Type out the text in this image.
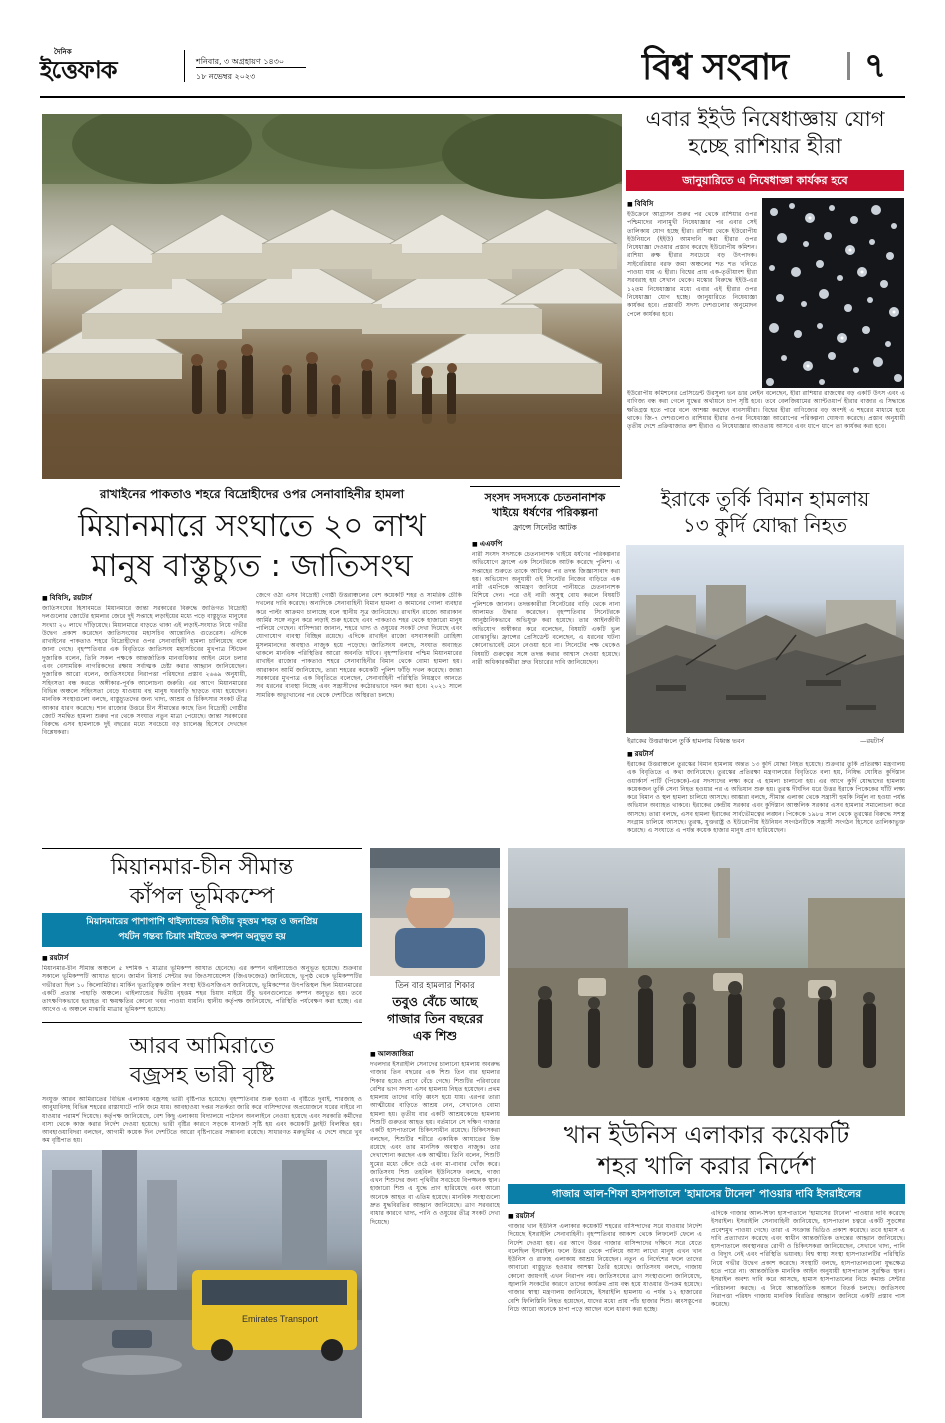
দৈনিক
ইত্তেফাক	শনিবার, ৩ অগ্রহায়ণ ১৪৩০
১৮ নভেম্বর ২০২৩	বিশ্ব সংবাদ ৭
এবার ইইউ নিষেধাজ্ঞায় যোগ
হচ্ছে রাশিয়ার হীরা
জানুয়ারিতে এ নিষেধাজ্ঞা কার্যকর হবে
■ বিবিসি
ইউক্রেনে আগ্রাসন শুরুর পর থেকে রাশিয়ার ওপর পশ্চিমাদের নানামুখী নিষেধাজ্ঞার পর এবার সেই তালিকায় যোগ হচ্ছে হীরা। রাশিয়া থেকে ইউরোপীয় ইউনিয়নে (ইইউ) আমদানি করা হীরার ওপর নিষেধাজ্ঞা দেওয়ার প্রস্তাব করেছে ইউরোপীয় কমিশন। রাশিয়া রুক্ষ হীরার সবচেয়ে বড় উৎপাদক। সাইবেরিয়ার বরফ জমা অঞ্চলের শত শত খনিতে পাওয়া যায় এ হীরা। বিশ্বের প্রায় এক-তৃতীয়াংশ হীরা সরবরাহ হয় সেখান থেকে। মস্কোর বিরুদ্ধে ইইউ-এর ১২তম নিষেধাজ্ঞার মধ্যে এবার এই হীরার ওপর নিষেধাজ্ঞা যোগ হচ্ছে। জানুয়ারিতে নিষেধাজ্ঞা কার্যকর হবে। প্রস্তাবটি সদস্য দেশগুলোর অনুমোদন পেলে কার্যকর হবে।
ইউরোপীয় কমিশনের প্রেসিডেন্ট উরসুলা ভন ডার লেইন বলেছেন, হীরা রাশিয়ার রাজস্বের বড় একটি উৎস এবং এ বাণিজ্য বন্ধ করা গেলে যুদ্ধের অর্থায়নে চাপ সৃষ্টি হবে। তবে বেলজিয়ামের অ্যান্টওয়ার্প হীরার বাজার এ সিদ্ধান্তে ক্ষতিগ্রস্ত হতে পারে বলে আশঙ্কা করছেন ব্যবসায়ীরা। বিশ্বের হীরা বাণিজ্যের বড় অংশই এ শহরের মাধ্যমে হয়ে থাকে। জি-৭ দেশগুলোও রাশিয়ার হীরার ওপর নিষেধাজ্ঞা আরোপের পরিকল্পনা ঘোষণা করেছে। প্রস্তাব অনুযায়ী তৃতীয় দেশে প্রক্রিয়াজাত রুশ হীরাও এ নিষেধাজ্ঞার আওতায় আসবে এবং ধাপে ধাপে তা কার্যকর করা হবে।
রাখাইনের পাকতাও শহরে বিদ্রোহীদের ওপর সেনাবাহিনীর হামলা
মিয়ানমারে সংঘাতে ২০ লাখ
মানুষ বাস্তুচ্যুত : জাতিসংঘ
■ বিবিসি, রয়টার্স
জাতিসংঘের হিসাবমতে মিয়ানমারে জান্তা সরকারের বিরুদ্ধে জাতিগত বিদ্রোহী দলগুলোর জোটের হামলার জেরে দুই সপ্তাহে লড়াইয়ের মধ্যে পড়ে বাস্তুচ্যুত মানুষের সংখ্যা ২০ লাখে দাঁড়িয়েছে। মিয়ানমারে বাড়তে থাকা এই লড়াই-সংঘাত নিয়ে গভীর উদ্বেগ প্রকাশ করেছেন জাতিসংঘের মহাসচিব আন্তোনিও গুতেরেস। এদিকে রাখাইনের পাকতাও শহরে বিদ্রোহীদের ওপর সেনাবাহিনী হামলা চালিয়েছে বলে জানা গেছে। বৃহস্পতিবার এক বিবৃতিতে জাতিসংঘ মহাসচিবের মুখপাত্র স্টিফেন দুজারিক বলেন, তিনি সকল পক্ষকে আন্তর্জাতিক মানবাধিকার আইন মেনে চলার এবং বেসামরিক নাগরিকদের রক্ষায় সর্বাত্মক চেষ্টা করার আহ্বান জানিয়েছেন। দুজারিক আরো বলেন, জাতিসংঘের নিরাপত্তা পরিষদের প্রস্তাব ২৬৬৯ অনুযায়ী, সহিংসতা বন্ধ করতে অঙ্গীকার-পূর্বক আলোচনা জরুরি। এর আগে মিয়ানমারের বিভিন্ন অঞ্চলে সহিংসতা বেড়ে যাওয়ায় বহু মানুষ ঘরবাড়ি ছাড়তে বাধ্য হয়েছেন। মানবিক সংস্থাগুলো বলছে, বাস্তুচ্যুতদের জন্য খাদ্য, আশ্রয় ও চিকিৎসার সংকট তীব্র আকার ধারণ করেছে। শান রাজ্যের উত্তরে চীন সীমান্তের কাছে তিন বিদ্রোহী গোষ্ঠীর জোট সমন্বিত হামলা শুরুর পর থেকে সংঘাত নতুন মাত্রা পেয়েছে। জান্তা সরকারের বিরুদ্ধে এসব হামলাকে দুই বছরের মধ্যে সবচেয়ে বড় চ্যালেঞ্জ হিসেবে দেখছেন বিশ্লেষকরা।
জেগে ওঠা এসব বিদ্রোহী গোষ্ঠী উত্তরাঞ্চলের বেশ কয়েকটি শহর ও সামরিক চৌকি দখলের দাবি করেছে। অন্যদিকে সেনাবাহিনী বিমান হামলা ও কামানের গোলা ব্যবহার করে পাল্টা আক্রমণ চালাচ্ছে বলে স্থানীয় সূত্র জানিয়েছে। রাখাইন রাজ্যে আরাকান আর্মির সঙ্গে নতুন করে লড়াই শুরু হয়েছে এবং পাকতাও শহর থেকে হাজারো মানুষ পালিয়ে গেছেন। বাসিন্দারা জানান, শহরে খাদ্য ও ওষুধের সংকট দেখা দিয়েছে এবং যোগাযোগ ব্যবস্থা বিচ্ছিন্ন রয়েছে। এদিকে রাখাইন রাজ্যে বসবাসকারী রোহিঙ্গা মুসলমানদের অবস্থাও নাজুক হয়ে পড়েছে। জাতিসংঘ বলছে, সংঘাত অব্যাহত থাকলে মানবিক পরিস্থিতির আরো অবনতি ঘটবে। বৃহস্পতিবার পশ্চিম মিয়ানমারের রাখাইন রাজ্যের পাকতাও শহরে সেনাবাহিনীর বিমান থেকে বোমা হামলা হয়। আরাকান আর্মি জানিয়েছে, তারা শহরের কয়েকটি পুলিশ ফাঁড়ি দখল করেছে। জান্তা সরকারের মুখপাত্র এক বিবৃতিতে বলেছেন, সেনাবাহিনী পরিস্থিতি নিয়ন্ত্রণে আনতে সব ধরনের ব্যবস্থা নিচ্ছে এবং সন্ত্রাসীদের কঠোরভাবে দমন করা হবে। ২০২১ সালে সামরিক অভ্যুত্থানের পর থেকে দেশটিতে অস্থিরতা চলছে।
সংসদ সদস্যকে চেতনানাশক
খাইয়ে ধর্ষণের পরিকল্পনা
ফ্রান্সে সিনেটর আটক
■ এএফপি
নারী সংসদ সদস্যকে চেতনানাশক খাইয়ে ধর্ষণের পরিকল্পনার অভিযোগে ফ্রান্সে এক সিনেটরকে আটক করেছে পুলিশ। এ সপ্তাহের শুরুতে তাকে আটকের পর তদন্ত জিজ্ঞাসাবাদ করা হয়। অভিযোগ অনুযায়ী ওই সিনেটর নিজের বাড়িতে এক নারী এমপিকে আমন্ত্রণ জানিয়ে পানীয়তে চেতনানাশক মিশিয়ে দেন। পরে ওই নারী অসুস্থ বোধ করলে বিষয়টি পুলিশকে জানান। তদন্তকারীরা সিনেটরের বাড়ি থেকে নানা আলামত উদ্ধার করেছেন। বৃহস্পতিবার সিনেটরকে আনুষ্ঠানিকভাবে অভিযুক্ত করা হয়েছে। তার আইনজীবী অভিযোগ অস্বীকার করে বলেছেন, বিষয়টি একটি ভুল বোঝাবুঝি। ফ্রান্সের প্রেসিডেন্ট বলেছেন, এ ধরনের ঘটনা কোনোভাবেই মেনে নেওয়া হবে না। সিনেটের পক্ষ থেকেও বিষয়টি গুরুত্বের সঙ্গে তদন্ত করার আশ্বাস দেওয়া হয়েছে। নারী অধিকারকর্মীরা দ্রুত বিচারের দাবি জানিয়েছেন।
ইরাকে তুর্কি বিমান হামলায়
১৩ কুর্দি যোদ্ধা নিহত
ইরাকের উত্তরাঞ্চলে তুর্কি হামলায় বিধ্বস্ত ভবন	—রয়টার্স
■ রয়টার্স
ইরাকের উত্তরাঞ্চলে তুরস্কের বিমান হামলায় অন্তত ১৩ কুর্দি যোদ্ধা নিহত হয়েছে। শুক্রবার তুর্কি প্রতিরক্ষা মন্ত্রণালয় এক বিবৃতিতে এ কথা জানিয়েছে। তুরস্কের প্রতিরক্ষা মন্ত্রণালয়ের বিবৃতিতে বলা হয়, নিষিদ্ধ ঘোষিত কুর্দিস্তান ওয়ার্কার্স পার্টি (পিকেকে)-এর সদস্যদের লক্ষ্য করে এ হামলা চালানো হয়। এর আগে কুর্দি যোদ্ধাদের হামলায় কয়েকজন তুর্কি সেনা নিহত হওয়ার পর এ অভিযান শুরু হয়। তুরস্ক দীর্ঘদিন ধরে উত্তর ইরাকে পিকেকের ঘাঁটি লক্ষ্য করে বিমান ও স্থল হামলা চালিয়ে আসছে। আঙ্কারা বলছে, সীমান্ত এলাকা থেকে সন্ত্রাসী হুমকি নির্মূল না হওয়া পর্যন্ত অভিযান অব্যাহত থাকবে। ইরাকের কেন্দ্রীয় সরকার এবং কুর্দিস্তান আঞ্চলিক সরকার এসব হামলার সমালোচনা করে আসছে। তারা বলছে, এসব হামলা ইরাকের সার্বভৌমত্বের লঙ্ঘন। পিকেকে ১৯৮৪ সাল থেকে তুরস্কের বিরুদ্ধে সশস্ত্র সংগ্রাম চালিয়ে আসছে। তুরস্ক, যুক্তরাষ্ট্র ও ইউরোপীয় ইউনিয়ন সংগঠনটিকে সন্ত্রাসী সংগঠন হিসেবে তালিকাভুক্ত করেছে। এ সংঘাতে এ পর্যন্ত কয়েক হাজার মানুষ প্রাণ হারিয়েছেন।
মিয়ানমার-চীন সীমান্ত
কাঁপল ভূমিকম্পে
মিয়ানমারের পাশাপাশি থাইল্যান্ডের দ্বিতীয় বৃহত্তম শহর ও জনপ্রিয়
পর্যটন গন্তব্য চিয়াং মাইতেও কম্পন অনুভূত হয়
■ রয়টার্স
মিয়ানমার-চীন সীমান্ত অঞ্চলে ৫ দশমিক ৭ মাত্রার ভূমিকম্প আঘাত হেনেছে। এর কম্পন থাইল্যান্ডেও অনুভূত হয়েছে। শুক্রবার সকালে ভূমিকম্পটি আঘাত হানে। জার্মান রিসার্চ সেন্টার ফর জিওসায়েন্সেস (জিএফজেড) জানিয়েছে, ভূপৃষ্ঠ থেকে ভূমিকম্পটির গভীরতা ছিল ১০ কিলোমিটার। মার্কিন ভূতাত্ত্বিক জরিপ সংস্থা ইউএসজিএস জানিয়েছে, ভূমিকম্পের উৎপত্তিস্থল ছিল মিয়ানমারের একটি প্রত্যন্ত পাহাড়ি অঞ্চলে। থাইল্যান্ডের দ্বিতীয় বৃহত্তম শহর চিয়াং মাইয়ে উঁচু ভবনগুলোতে কম্পন অনুভূত হয়। তবে তাৎক্ষণিকভাবে হতাহত বা ক্ষয়ক্ষতির কোনো খবর পাওয়া যায়নি। স্থানীয় কর্তৃপক্ষ জানিয়েছে, পরিস্থিতি পর্যবেক্ষণ করা হচ্ছে। এর আগেও এ অঞ্চলে মাঝারি মাত্রার ভূমিকম্প হয়েছে।
তিন বার হামলার শিকার
তবুও বেঁচে আছে
গাজার তিন বছরের
এক শিশু
■ আলজাজিরা
দখলদার ইসরাইলি সেনাদের চালানো হামলায় অবরুদ্ধ গাজার তিন বছরের এক শিশু তিন বার হামলার শিকার হয়েও প্রাণে বেঁচে গেছে। শিশুটির পরিবারের বেশির ভাগ সদস্য এসব হামলায় নিহত হয়েছেন। প্রথম হামলায় তাদের বাড়ি ধ্বংস হয়ে যায়। এরপর তারা আত্মীয়ের বাড়িতে আশ্রয় নেন, সেখানেও বোমা হামলা হয়। তৃতীয় বার একটি আশ্রয়কেন্দ্রে হামলায় শিশুটি গুরুতর আহত হয়। বর্তমানে সে দক্ষিণ গাজার একটি হাসপাতালে চিকিৎসাধীন রয়েছে। চিকিৎসকরা বলছেন, শিশুটির শরীরে একাধিক আঘাতের চিহ্ন রয়েছে এবং তার মানসিক অবস্থাও নাজুক। তার দেখাশোনা করছেন এক আত্মীয়। তিনি বলেন, শিশুটি ঘুমের মধ্যে কেঁদে ওঠে এবং মা-বাবার খোঁজ করে। জাতিসংঘ শিশু তহবিল ইউনিসেফ বলছে, গাজা এখন শিশুদের জন্য পৃথিবীর সবচেয়ে বিপজ্জনক স্থান। হাজারো শিশু এ যুদ্ধে প্রাণ হারিয়েছে এবং আরো অনেকে আহত বা এতিম হয়েছে। মানবিক সংস্থাগুলো দ্রুত যুদ্ধবিরতির আহ্বান জানিয়েছে। ত্রাণ সরবরাহে বাধার কারণে খাদ্য, পানি ও ওষুধের তীব্র সংকট দেখা দিয়েছে।
আরব আমিরাতে
বজ্রসহ ভারী বৃষ্টি
সংযুক্ত আরব আমিরাতের বিভিন্ন এলাকায় বজ্রসহ ভারী বৃষ্টিপাত হয়েছে। বৃহস্পতিবার শুরু হওয়া এ বৃষ্টিতে দুবাই, শারজাহ ও আবুধাবিসহ বিভিন্ন শহরের রাস্তাঘাটে পানি জমে যায়। আবহাওয়া দপ্তর সতর্কতা জারি করে বাসিন্দাদের অপ্রয়োজনে ঘরের বাইরে না যাওয়ার পরামর্শ দিয়েছে। কর্তৃপক্ষ জানিয়েছে, বেশ কিছু এলাকায় বিদ্যালয়ে পাঠদান অনলাইনে নেওয়া হয়েছে এবং সরকারি কর্মীদের বাসা থেকে কাজ করার নির্দেশ দেওয়া হয়েছে। ভারী বৃষ্টির কারণে সড়কে যানজট সৃষ্টি হয় এবং কয়েকটি ফ্লাইট বিলম্বিত হয়। আবহাওয়াবিদরা বলছেন, আগামী কয়েক দিন দেশটিতে আরো বৃষ্টিপাতের সম্ভাবনা রয়েছে। সাধারণত মরুভূমির এ দেশে বছরে খুব কম বৃষ্টিপাত হয়।
Emirates Transport
খান ইউনিস এলাকার কয়েকটি
শহর খালি করার নির্দেশ
গাজার আল-শিফা হাসপাতালে 'হামাসের টানেল' পাওয়ার দাবি ইসরাইলের
■ রয়টার্স
গাজার খান ইউনিস এলাকার কয়েকটি শহরের বাসিন্দাদের সরে যাওয়ার নির্দেশ দিয়েছে ইসরাইলি সেনাবাহিনী। বৃহস্পতিবার আকাশ থেকে লিফলেট ফেলে এ নির্দেশ দেওয়া হয়। এর আগে উত্তর গাজার বাসিন্দাদের দক্ষিণে সরে যেতে বলেছিল ইসরাইল। ফলে উত্তর থেকে পালিয়ে আসা লাখো মানুষ এখন খান ইউনিস ও রাফাহ এলাকায় আশ্রয় নিয়েছেন। নতুন এ নির্দেশের ফলে তাদের আবারো বাস্তুচ্যুত হওয়ার আশঙ্কা তৈরি হয়েছে। জাতিসংঘ বলছে, গাজায় কোনো জায়গাই এখন নিরাপদ নয়। জাতিসংঘের ত্রাণ সংস্থাগুলো জানিয়েছে, জ্বালানি সংকটের কারণে তাদের কার্যক্রম প্রায় বন্ধ হয়ে যাওয়ার উপক্রম হয়েছে। গাজার স্বাস্থ্য মন্ত্রণালয় জানিয়েছে, ইসরাইলি হামলায় এ পর্যন্ত ১২ হাজারের বেশি ফিলিস্তিনি নিহত হয়েছেন, যাদের মধ্যে প্রায় পাঁচ হাজার শিশু। ধ্বংসস্তূপের নিচে আরো অনেকে চাপা পড়ে আছেন বলে ধারণা করা হচ্ছে।
এদিকে গাজার আল-শিফা হাসপাতালে 'হামাসের টানেল' পাওয়ার দাবি করেছে ইসরাইল। ইসরাইলি সেনাবাহিনী জানিয়েছে, হাসপাতাল চত্বরে একটি সুড়ঙ্গের প্রবেশমুখ পাওয়া গেছে। তারা এ সংক্রান্ত ভিডিও প্রকাশ করেছে। তবে হামাস এ দাবি প্রত্যাখ্যান করেছে এবং স্বাধীন আন্তর্জাতিক তদন্তের আহ্বান জানিয়েছে। হাসপাতালে অবস্থানরত রোগী ও চিকিৎসকরা জানিয়েছেন, সেখানে খাদ্য, পানি ও বিদ্যুৎ নেই এবং পরিস্থিতি ভয়াবহ। বিশ্ব স্বাস্থ্য সংস্থা হাসপাতালটির পরিস্থিতি নিয়ে গভীর উদ্বেগ প্রকাশ করেছে। সংস্থাটি বলছে, হাসপাতালগুলো যুদ্ধক্ষেত্র হতে পারে না। আন্তর্জাতিক মানবিক আইন অনুযায়ী হাসপাতাল সুরক্ষিত স্থান। ইসরাইল অবশ্য দাবি করে আসছে, হামাস হাসপাতালের নিচে কমান্ড সেন্টার পরিচালনা করছে। এ নিয়ে আন্তর্জাতিক অঙ্গনে বিতর্ক চলছে। জাতিসংঘ নিরাপত্তা পরিষদ গাজায় মানবিক বিরতির আহ্বান জানিয়ে একটি প্রস্তাব পাস করেছে।
